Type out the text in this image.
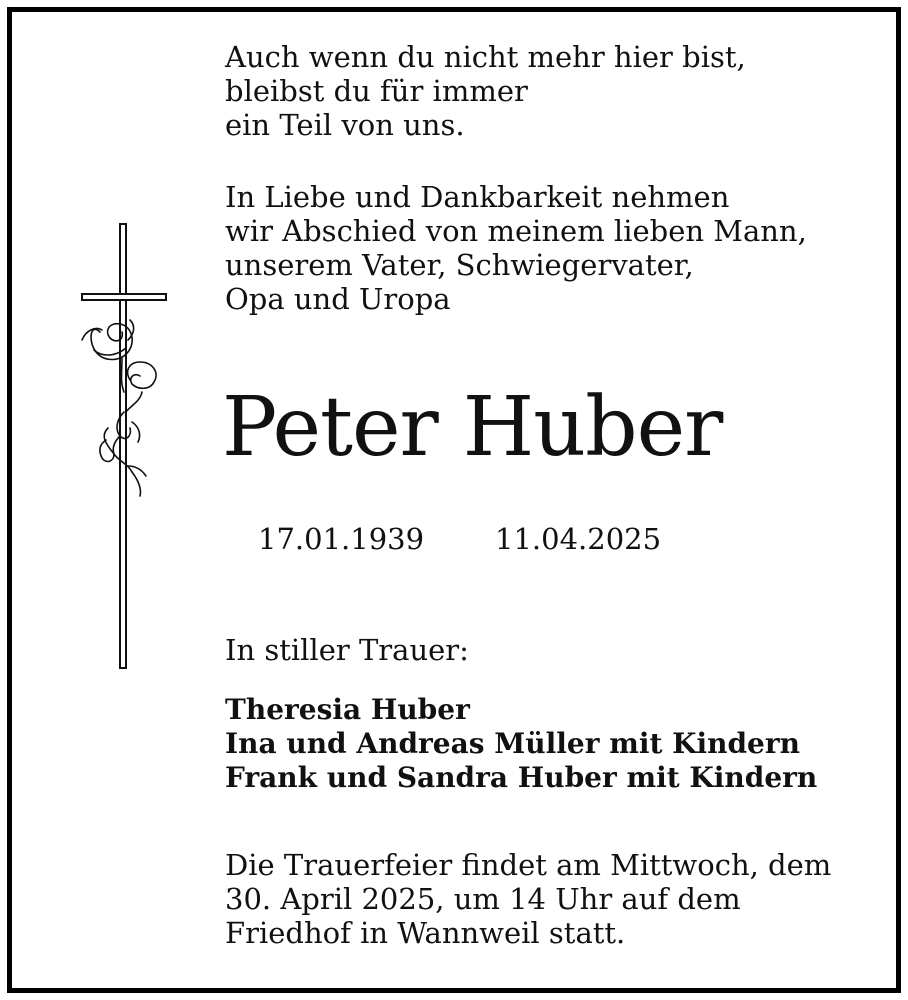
Auch wenn du nicht mehr hier bist,
bleibst du für immer
ein Teil von uns.
In Liebe und Dankbarkeit nehmen
wir Abschied von meinem lieben Mann,
unserem Vater, Schwiegervater,
Opa und Uropa
Peter Huber
17.01.1939 11.04.2025
In stiller Trauer:
Theresia Huber
Ina und Andreas Müller mit Kindern
Frank und Sandra Huber mit Kindern
Die Trauerfeier findet am Mittwoch, dem
30. April 2025, um 14 Uhr auf dem
Friedhof in Wannweil statt.
